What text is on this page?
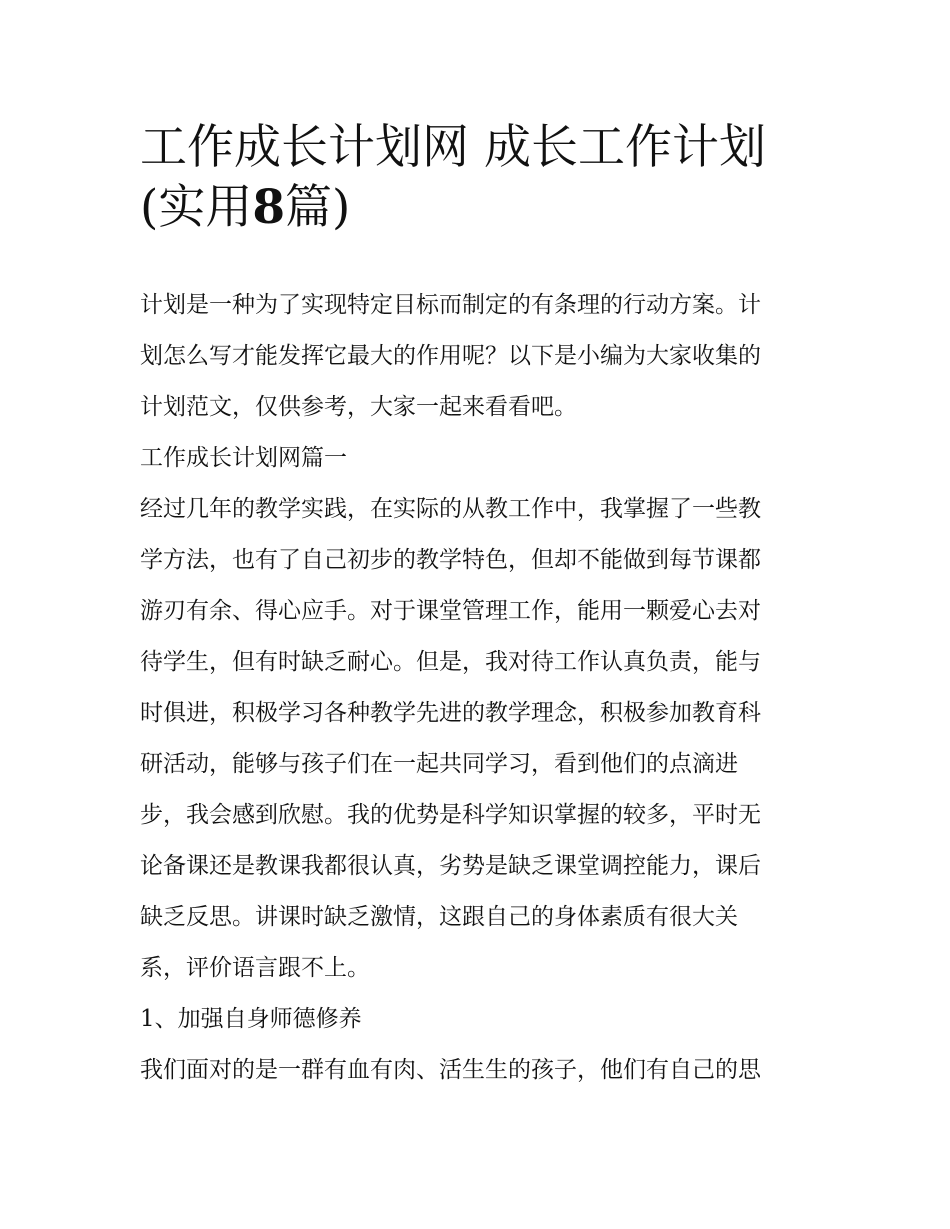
工作成长计划网 成长工作计划
(实用8篇)

计划是一种为了实现特定目标而制定的有条理的行动方案。计

划怎么写才能发挥它最大的作用呢？以下是小编为大家收集的

计划范文，仅供参考，大家一起来看看吧。

工作成长计划网篇一

经过几年的教学实践，在实际的从教工作中，我掌握了一些教

学方法，也有了自己初步的教学特色，但却不能做到每节课都

游刃有余、得心应手。对于课堂管理工作，能用一颗爱心去对

待学生，但有时缺乏耐心。但是，我对待工作认真负责，能与

时俱进，积极学习各种教学先进的教学理念，积极参加教育科

研活动，能够与孩子们在一起共同学习，看到他们的点滴进

步，我会感到欣慰。我的优势是科学知识掌握的较多，平时无

论备课还是教课我都很认真，劣势是缺乏课堂调控能力，课后

缺乏反思。讲课时缺乏激情，这跟自己的身体素质有很大关

系，评价语言跟不上。

1、加强自身师德修养

我们面对的是一群有血有肉、活生生的孩子，他们有自己的思
